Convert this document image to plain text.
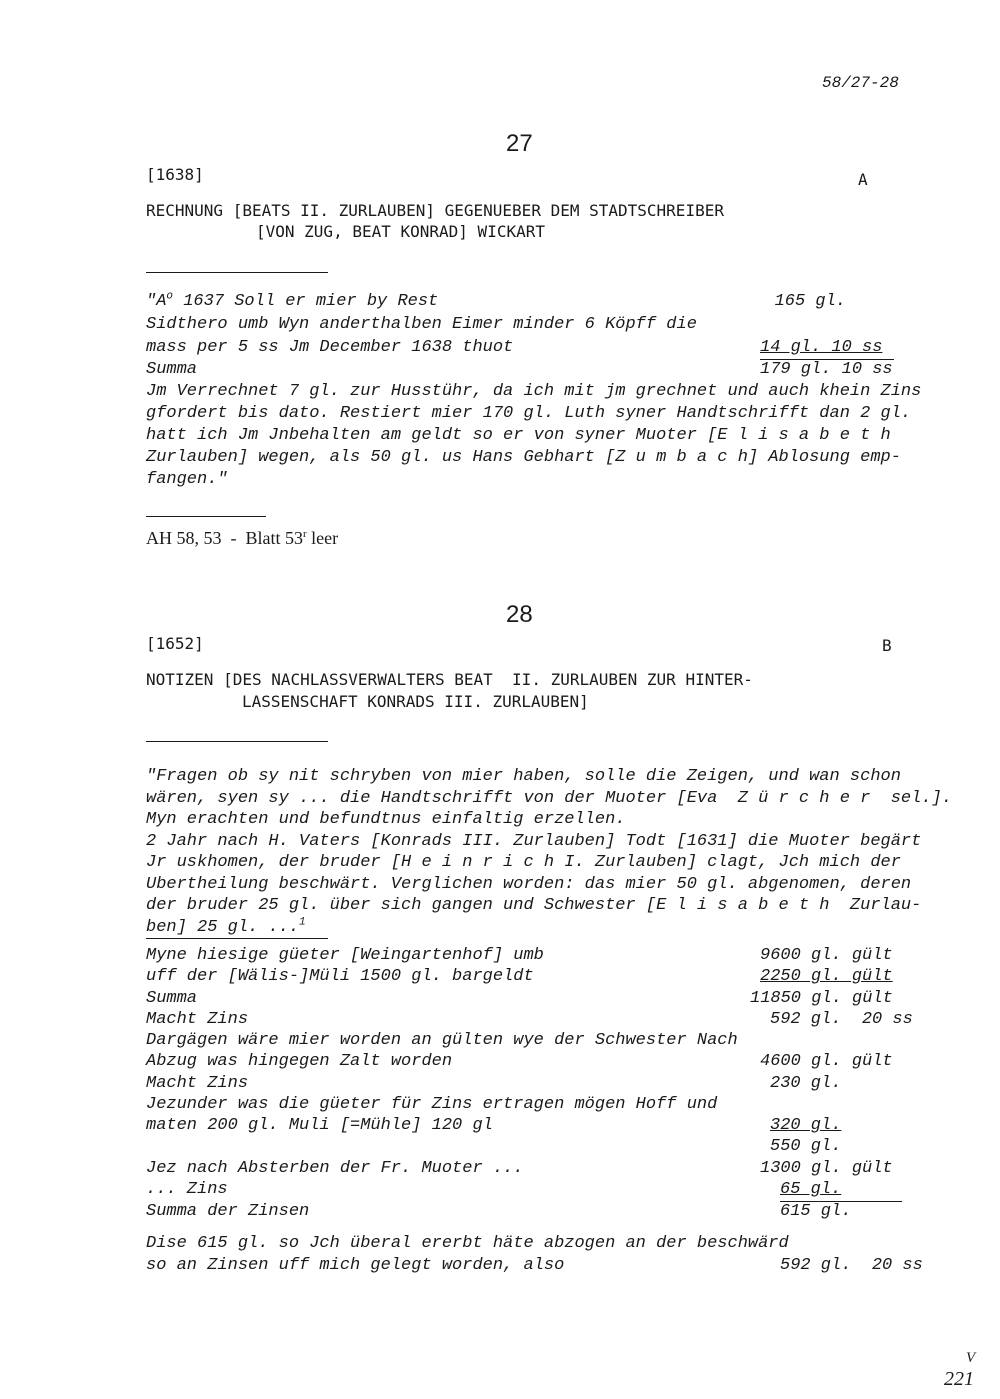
58/27-28
27
[1638]	A
RECHNUNG [BEATS II. ZURLAUBEN] GEGENUEBER DEM STADTSCHREIBER
[VON ZUG, BEAT KONRAD] WICKART
"$A^o$ 1637 Soll er mier by Rest	165 gl.
Sidthero umb Wyn anderthalben Eimer minder 6 Köpff die
mass per 5 ss Jm December 1638 thuot	14 gl. 10 ss
Summa	179 gl. 10 ss
Jm Verrechnet 7 gl. zur Husstühr, da ich mit jm grechnet und auch khein Zins
gfordert bis dato. Restiert mier 170 gl. Luth syner Handtschrifft dan 2 gl.
hatt ich Jm Jnbehalten am geldt so er von syner Muoter [E l i s a b e t h
Zurlauben] wegen, als 50 gl. us Hans Gebhart [Z u m b a c h] Ablosung emp-
fangen."
AH 58, 53  -  Blatt 53$^r$ leer
28
[1652]	B
NOTIZEN [DES NACHLASSVERWALTERS BEAT  II. ZURLAUBEN ZUR HINTER-
LASSENSCHAFT KONRADS III. ZURLAUBEN]
"Fragen ob sy nit schryben von mier haben, solle die Zeigen, und wan schon
wären, syen sy ... die Handtschrifft von der Muoter [Eva  Z ü r c h e r  sel.].
Myn erachten und befundtnus einfaltig erzellen.
2 Jahr nach H. Vaters [Konrads III. Zurlauben] Todt [1631] die Muoter begärt
Jr uskhomen, der bruder [H e i n r i c h I. Zurlauben] clagt, Jch mich der
Ubertheilung beschwärt. Verglichen worden: das mier 50 gl. abgenomen, deren
der bruder 25 gl. über sich gangen und Schwester [E l i s a b e t h  Zurlau-
ben] 25 gl. ...$^1$
Myne hiesige güeter [Weingartenhof] umb	9600 gl. gült
uff der [Wälis-]Müli 1500 gl. bargeldt	2250 gl. gült
Summa	11850 gl. gült
Macht Zins	592 gl.  20 ss
Dargägen wäre mier worden an gülten wye der Schwester Nach
Abzug was hingegen Zalt worden	4600 gl. gült
Macht Zins	230 gl.
Jezunder was die güeter für Zins ertragen mögen Hoff und
maten 200 gl. Muli [=Mühle] 120 gl	320 gl.
550 gl.
Jez nach Absterben der Fr. Muoter ...	1300 gl. gült
... Zins	65 gl.
Summa der Zinsen	615 gl.
Dise 615 gl. so Jch überal ererbt häte abzogen an der beschwärd
so an Zinsen uff mich gelegt worden, also	592 gl.  20 ss
V
221
